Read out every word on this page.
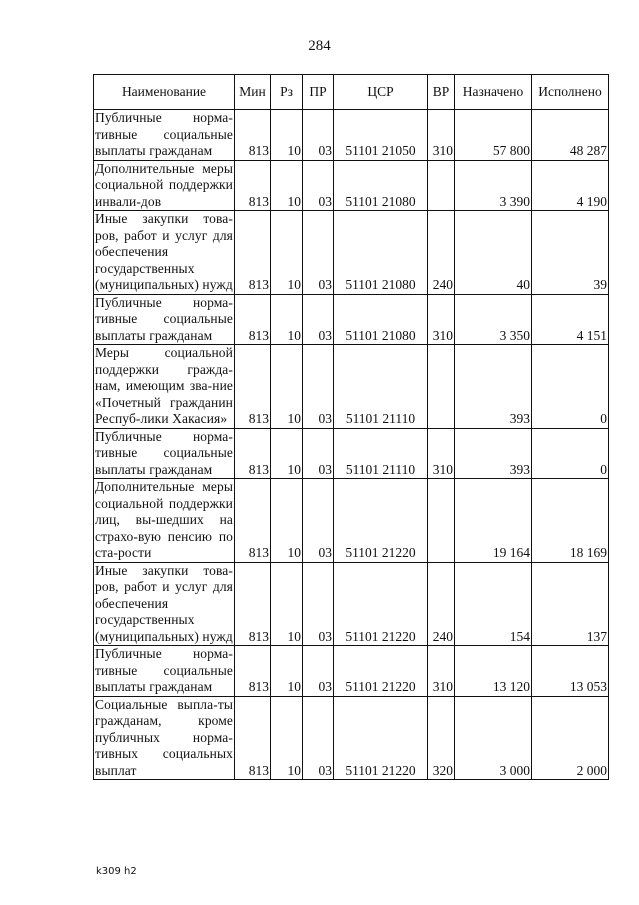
284
Наименование	Мин	Рз	ПР	ЦСР	ВР	Назначено	Исполнено
Публичные норма-тивные социальные выплаты гражданам	813	10	03	51101 21050	310	57 800	48 287
Дополнительные меры социальной поддержки инвали-дов	813	10	03	51101 21080		3 390	4 190
Иные закупки това-ров, работ и услуг для обеспечения государственных (муниципальных) нужд	813	10	03	51101 21080	240	40	39
Публичные норма-тивные социальные выплаты гражданам	813	10	03	51101 21080	310	3 350	4 151
Меры социальной поддержки гражда-нам, имеющим зва-ние «Почетный гражданин Респуб-лики Хакасия»	813	10	03	51101 21110		393	0
Публичные норма-тивные социальные выплаты гражданам	813	10	03	51101 21110	310	393	0
Дополнительные меры социальной поддержки лиц, вы-шедших на страхо-вую пенсию по ста-рости	813	10	03	51101 21220		19 164	18 169
Иные закупки това-ров, работ и услуг для обеспечения государственных (муниципальных) нужд	813	10	03	51101 21220	240	154	137
Публичные норма-тивные социальные выплаты гражданам	813	10	03	51101 21220	310	13 120	13 053
Социальные выпла-ты гражданам, кроме публичных норма-тивных социальных выплат	813	10	03	51101 21220	320	3 000	2 000
k309 h2
